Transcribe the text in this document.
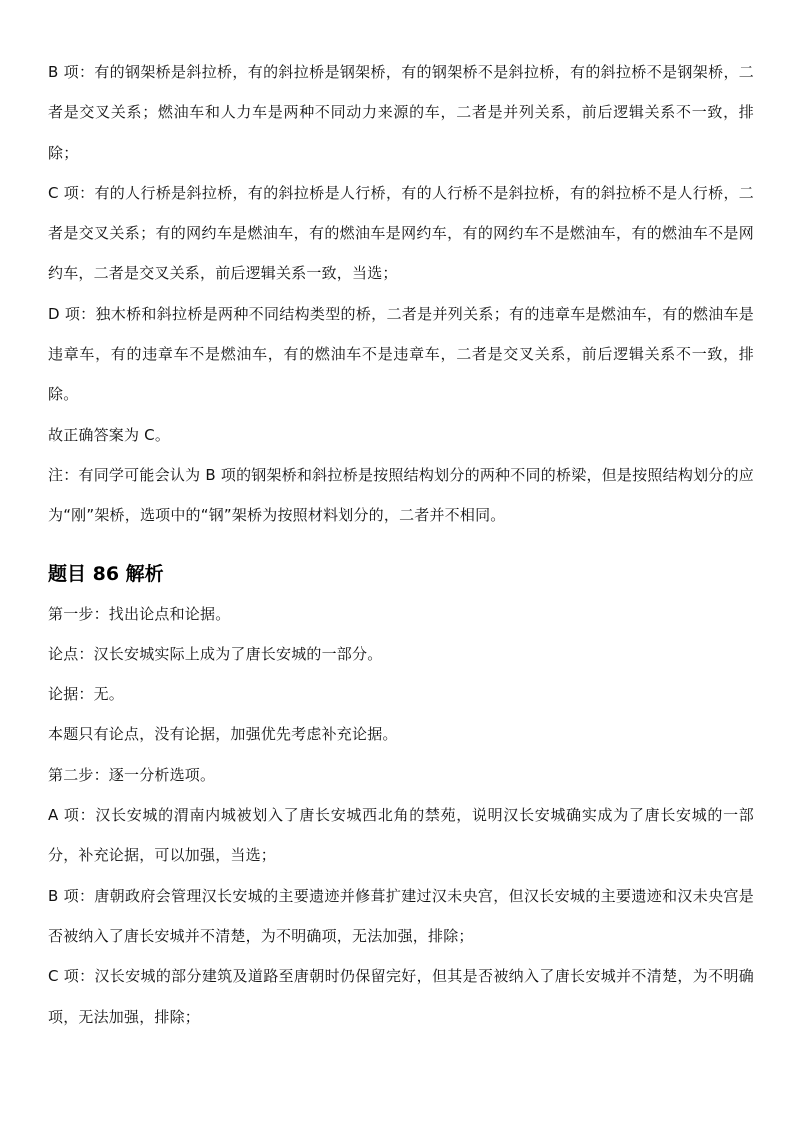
B 项：有的钢架桥是斜拉桥，有的斜拉桥是钢架桥，有的钢架桥不是斜拉桥，有的斜拉桥不是钢架桥，二者是交叉关系；燃油车和人力车是两种不同动力来源的车，二者是并列关系，前后逻辑关系不一致，排除；

C 项：有的人行桥是斜拉桥，有的斜拉桥是人行桥，有的人行桥不是斜拉桥，有的斜拉桥不是人行桥，二者是交叉关系；有的网约车是燃油车，有的燃油车是网约车，有的网约车不是燃油车，有的燃油车不是网约车，二者是交叉关系，前后逻辑关系一致，当选；

D 项：独木桥和斜拉桥是两种不同结构类型的桥，二者是并列关系；有的违章车是燃油车，有的燃油车是违章车，有的违章车不是燃油车，有的燃油车不是违章车，二者是交叉关系，前后逻辑关系不一致，排除。

故正确答案为 C。

注：有同学可能会认为 B 项的钢架桥和斜拉桥是按照结构划分的两种不同的桥梁，但是按照结构划分的应为“刚”架桥，选项中的“钢”架桥为按照材料划分的，二者并不相同。

题目 86 解析

第一步：找出论点和论据。

论点：汉长安城实际上成为了唐长安城的一部分。

论据：无。

本题只有论点，没有论据，加强优先考虑补充论据。

第二步：逐一分析选项。

A 项：汉长安城的渭南内城被划入了唐长安城西北角的禁苑，说明汉长安城确实成为了唐长安城的一部分，补充论据，可以加强，当选；

B 项：唐朝政府会管理汉长安城的主要遗迹并修葺扩建过汉未央宫，但汉长安城的主要遗迹和汉未央宫是否被纳入了唐长安城并不清楚，为不明确项，无法加强，排除；

C 项：汉长安城的部分建筑及道路至唐朝时仍保留完好，但其是否被纳入了唐长安城并不清楚，为不明确项，无法加强，排除；
